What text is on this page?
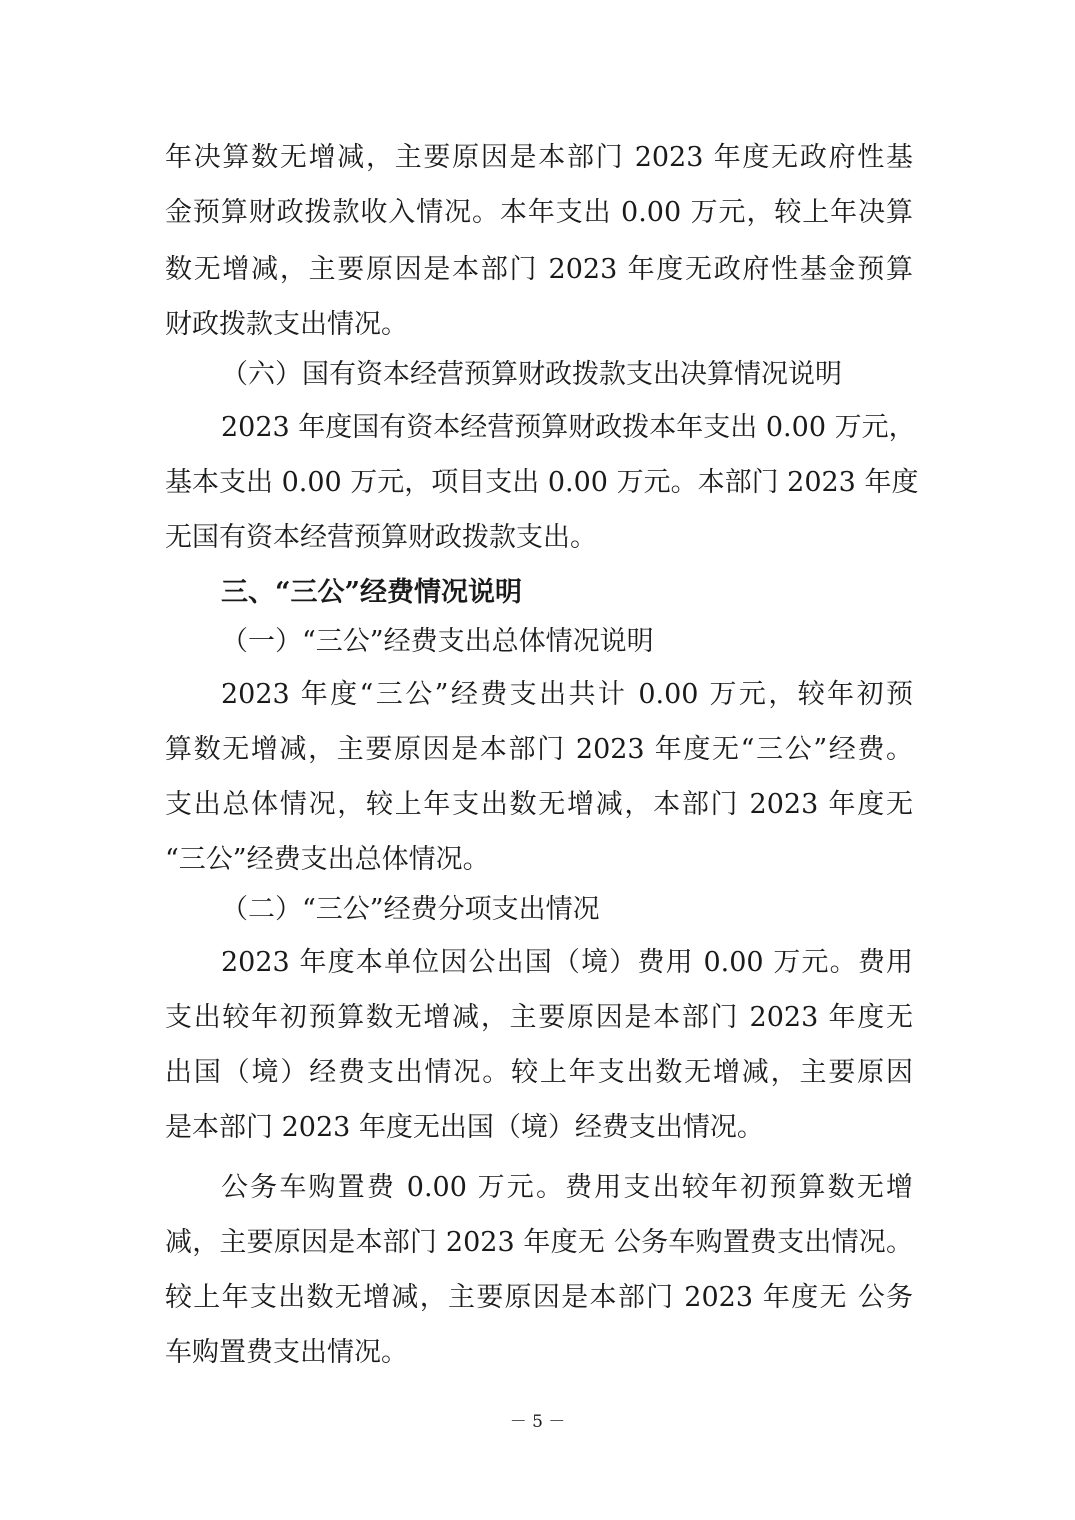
年决算数无增减，主要原因是本部门 2023 年度无政府性基
金预算财政拨款收入情况。本年支出 0.00 万元，较上年决算
数无增减，主要原因是本部门 2023 年度无政府性基金预算
财政拨款支出情况。
（六）国有资本经营预算财政拨款支出决算情况说明
2023 年度国有资本经营预算财政拨本年支出 0.00 万元，
基本支出 0.00 万元，项目支出 0.00 万元。本部门 2023 年度
无国有资本经营预算财政拨款支出。
三、“三公”经费情况说明
（一）“三公”经费支出总体情况说明
2023 年度“三公”经费支出共计 0.00 万元，较年初预
算数无增减，主要原因是本部门 2023 年度无“三公”经费。
支出总体情况，较上年支出数无增减，本部门 2023 年度无
“三公”经费支出总体情况。
（二）“三公”经费分项支出情况
2023 年度本单位因公出国（境）费用 0.00 万元。费用
支出较年初预算数无增减，主要原因是本部门 2023 年度无
出国（境）经费支出情况。较上年支出数无增减，主要原因
是本部门 2023 年度无出国（境）经费支出情况。
公务车购置费 0.00 万元。费用支出较年初预算数无增
减，主要原因是本部门 2023 年度无 公务车购置费支出情况。
较上年支出数无增减，主要原因是本部门 2023 年度无 公务
车购置费支出情况。
－ 5 －
